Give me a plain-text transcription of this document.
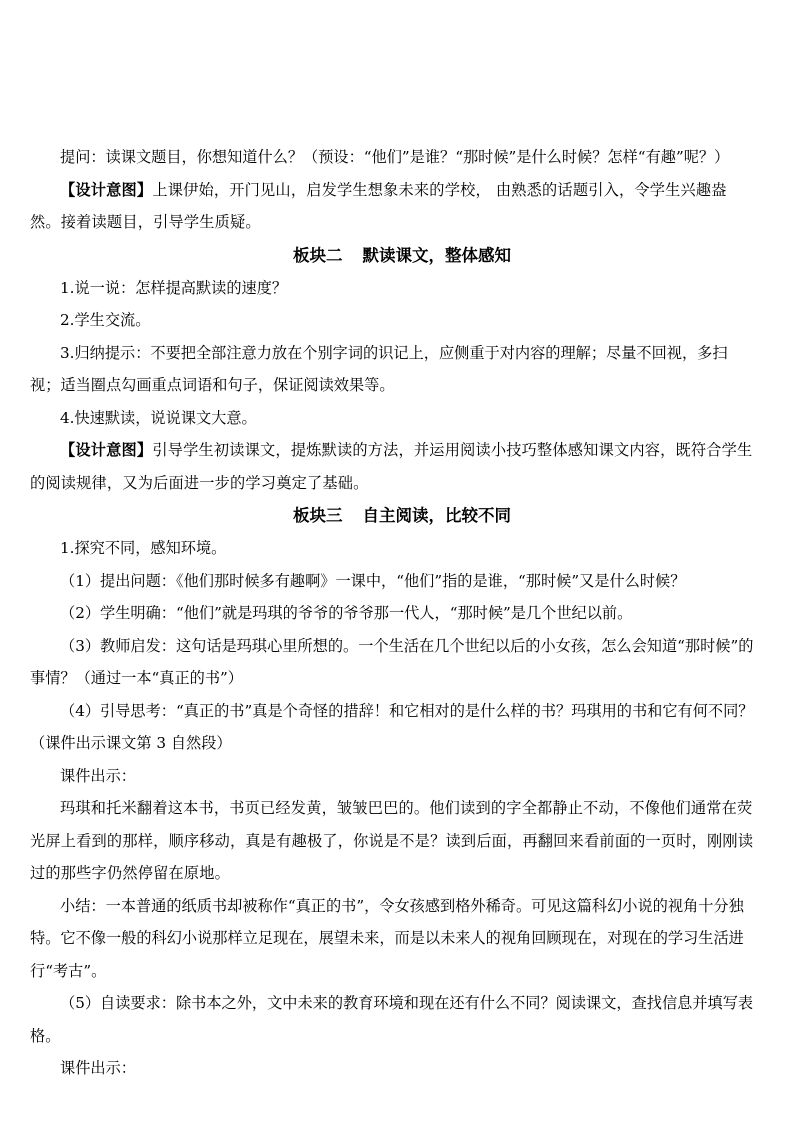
提问：读课文题目，你想知道什么？（预设：“他们”是谁？“那时候”是什么时候？怎样“有趣”呢？）

【设计意图】上课伊始，开门见山，启发学生想象未来的学校， 由熟悉的话题引入，令学生兴趣盎然。接着读题目，引导学生质疑。

板块二 默读课文，整体感知

1.说一说：怎样提高默读的速度？

2.学生交流。

3.归纳提示：不要把全部注意力放在个别字词的识记上，应侧重于对内容的理解；尽量不回视，多扫视；适当圈点勾画重点词语和句子，保证阅读效果等。

4.快速默读，说说课文大意。

【设计意图】引导学生初读课文，提炼默读的方法，并运用阅读小技巧整体感知课文内容，既符合学生的阅读规律，又为后面进一步的学习奠定了基础。

板块三 自主阅读，比较不同

1.探究不同，感知环境。

（1）提出问题：《他们那时候多有趣啊》一课中，“他们”指的是谁，“那时候”又是什么时候？

（2）学生明确：“他们”就是玛琪的爷爷的爷爷那一代人，“那时候”是几个世纪以前。

（3）教师启发：这句话是玛琪心里所想的。一个生活在几个世纪以后的小女孩，怎么会知道“那时候”的事情？（通过一本“真正的书”）

（4）引导思考：“真正的书”真是个奇怪的措辞！和它相对的是什么样的书？玛琪用的书和它有何不同？（课件出示课文第 3 自然段）

课件出示：

玛琪和托米翻着这本书，书页已经发黄，皱皱巴巴的。他们读到的字全都静止不动，不像他们通常在荧光屏上看到的那样，顺序移动，真是有趣极了，你说是不是？读到后面，再翻回来看前面的一页时，刚刚读过的那些字仍然停留在原地。

小结：一本普通的纸质书却被称作“真正的书”，令女孩感到格外稀奇。可见这篇科幻小说的视角十分独特。它不像一般的科幻小说那样立足现在，展望未来，而是以未来人的视角回顾现在，对现在的学习生活进行“考古”。

（5）自读要求：除书本之外，文中未来的教育环境和现在还有什么不同？阅读课文，查找信息并填写表格。

课件出示：
